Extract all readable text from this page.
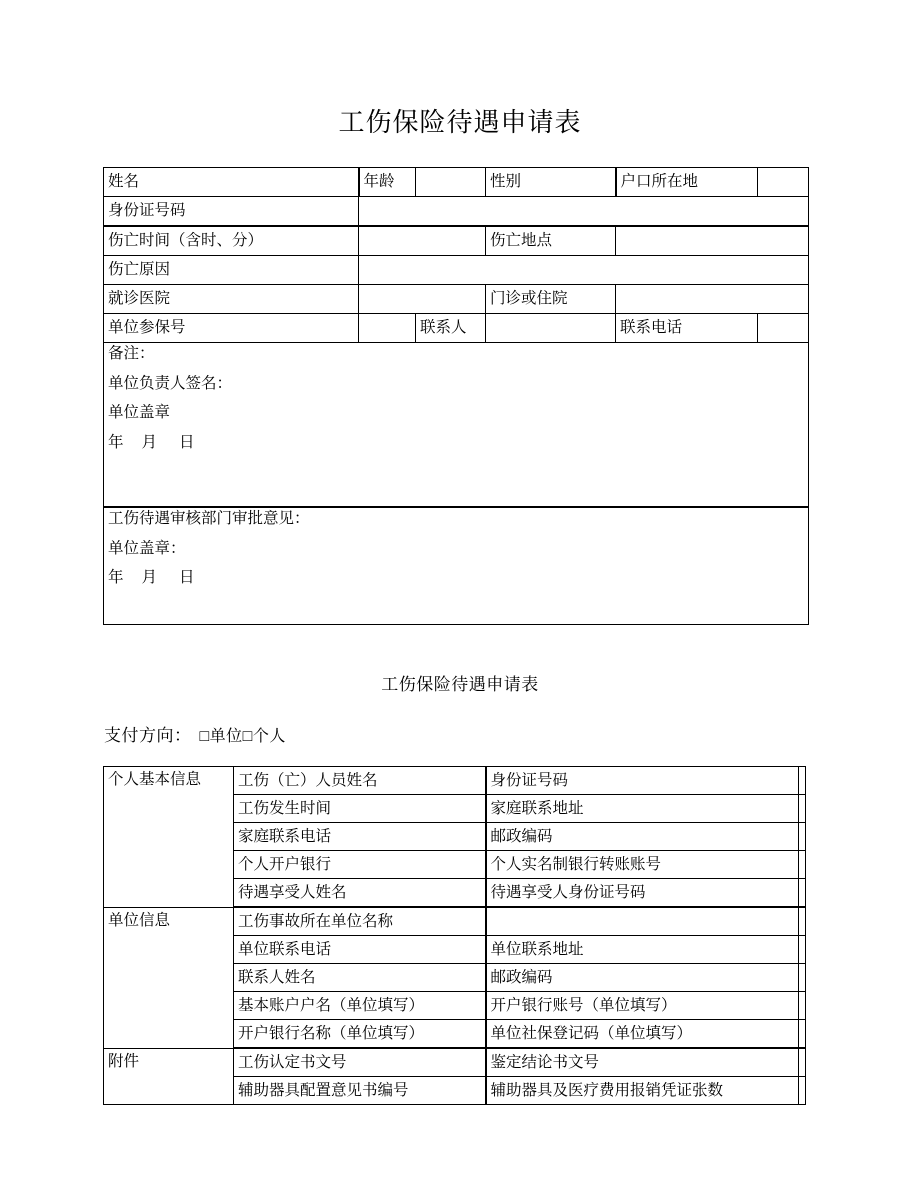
工伤保险待遇申请表
姓名	年龄		性别	户口所在地	
身份证号码					
伤亡时间（含时、分）			伤亡地点		
伤亡原因					
就诊医院			门诊或住院		
单位参保号		联系人		联系电话	

备注：

单位负责人签名：

单位盖章

年 月 日					

工伤待遇审核部门审批意见：

单位盖章：

年 月 日					
工伤保险待遇申请表
支付方向： □单位□个人
个人基本信息	工伤（亡）人员姓名	身份证号码	
	工伤发生时间	家庭联系地址	
	家庭联系电话	邮政编码	
	个人开户银行	个人实名制银行转账账号	
	待遇享受人姓名	待遇享受人身份证号码	
单位信息	工伤事故所在单位名称		
	单位联系电话	单位联系地址	
	联系人姓名	邮政编码	
	基本账户户名（单位填写）	开户银行账号（单位填写）	
	开户银行名称（单位填写）	单位社保登记码（单位填写）	
附件	工伤认定书文号	鉴定结论书文号	
	辅助器具配置意见书编号	辅助器具及医疗费用报销凭证张数	
